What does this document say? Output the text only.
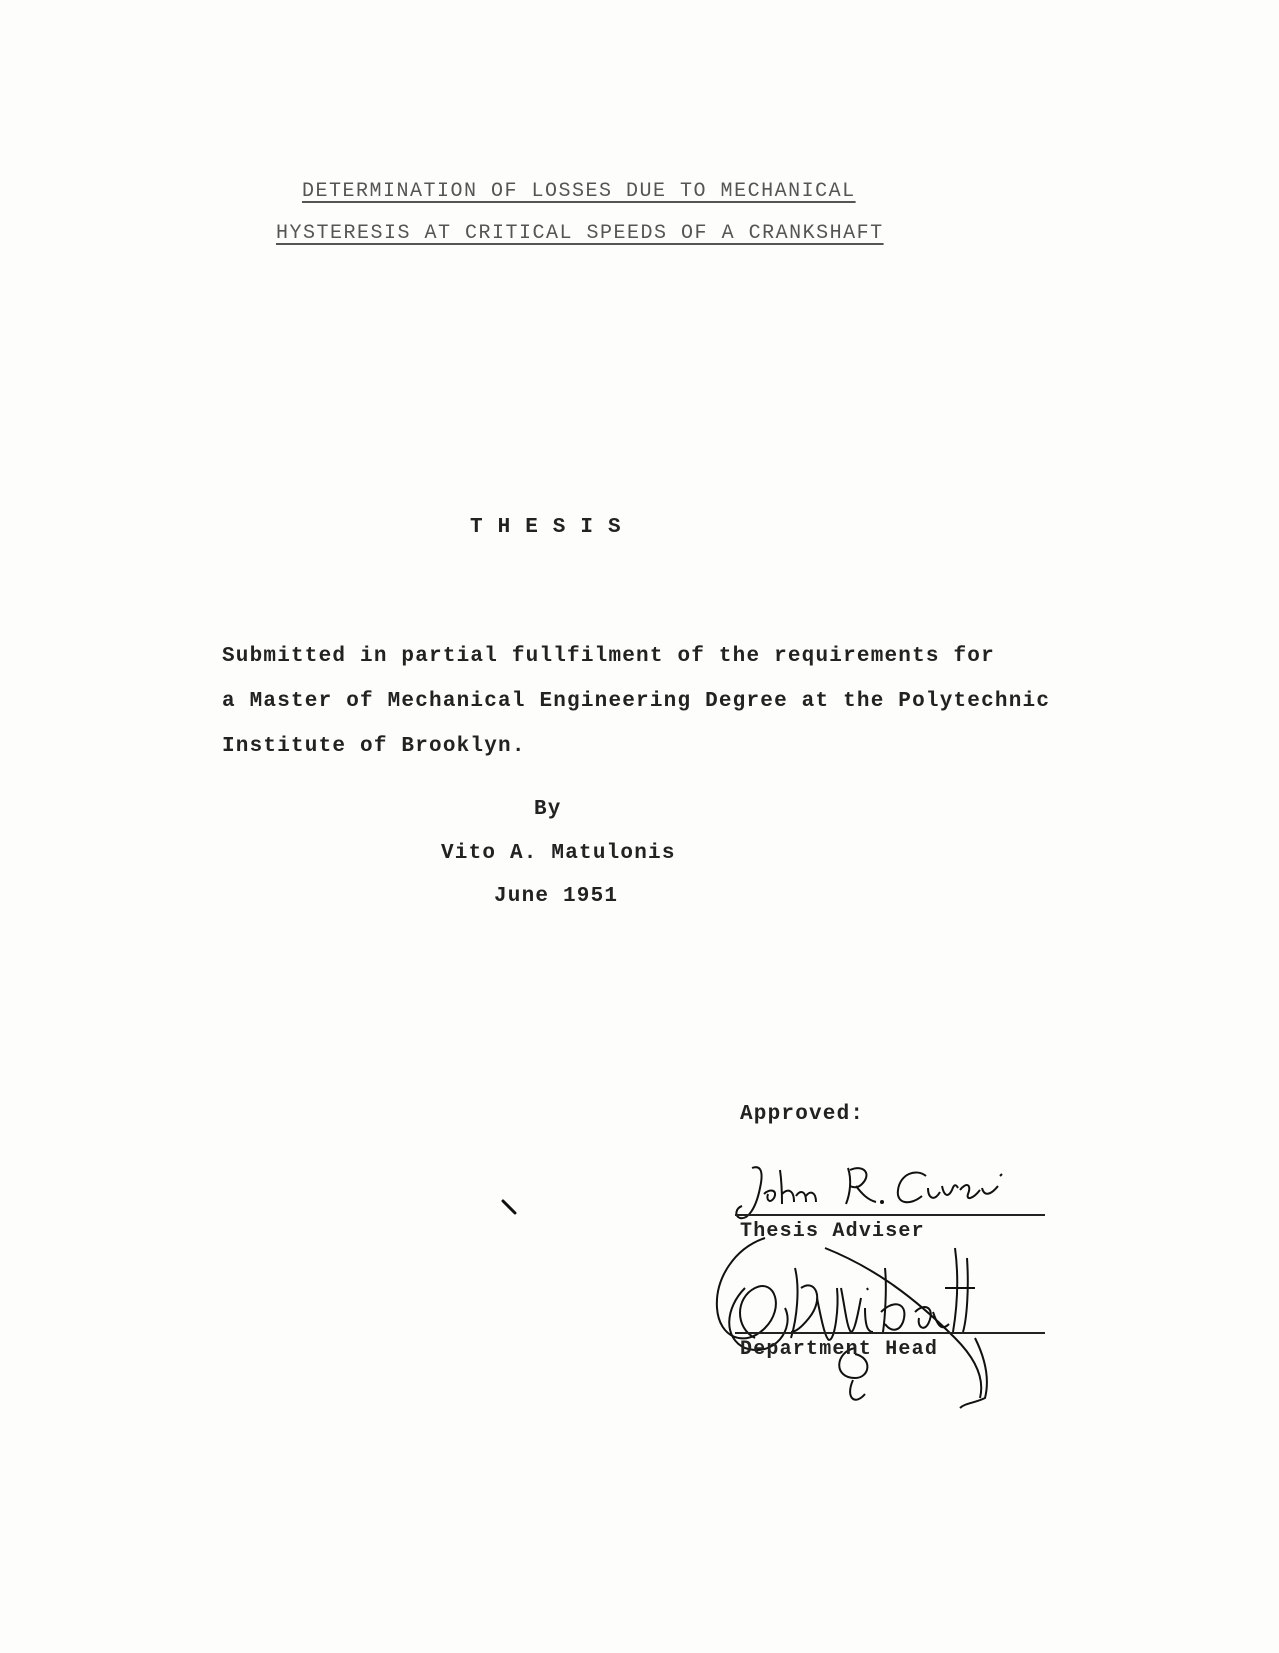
DETERMINATION OF LOSSES DUE TO MECHANICAL
HYSTERESIS AT CRITICAL SPEEDS OF A CRANKSHAFT
T H E S I S
Submitted in partial fullfilment of the requirements for
a Master of Mechanical Engineering Degree at the Polytechnic
Institute of Brooklyn.
By
Vito A. Matulonis
June 1951
Approved:
Thesis Adviser
Department Head
